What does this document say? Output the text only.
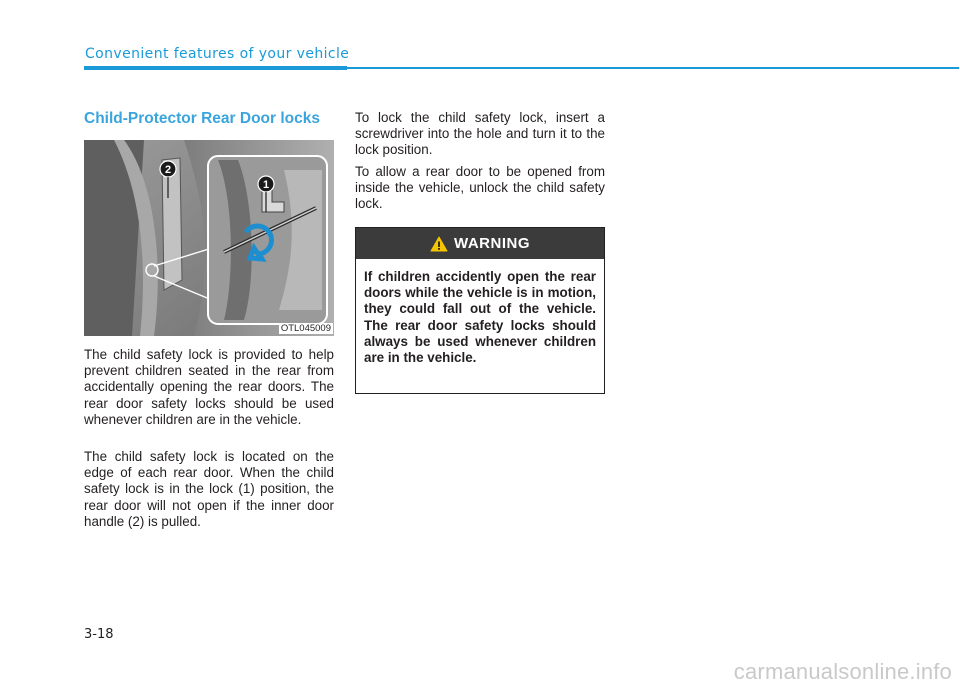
Convenient features of your vehicle
Child-Protector Rear Door locks
1
2
OTL045009

The child safety lock is provided to help prevent children seated in the rear from accidentally opening the rear doors. The rear door safety locks should be used whenever children are in the vehicle.

The child safety lock is located on the edge of each rear door. When the child safety lock is in the lock (1) position, the rear door will not open if the inner door handle (2) is pulled.

To lock the child safety lock, insert a screwdriver into the hole and turn it to the lock position.

To allow a rear door to be opened from inside the vehicle, unlock the child safety lock.

WARNING

If children accidently open the rear doors while the vehicle is in motion, they could fall out of the vehicle. The rear door safety locks should always be used whenever children are in the vehicle.

3-18
carmanualsonline.info
